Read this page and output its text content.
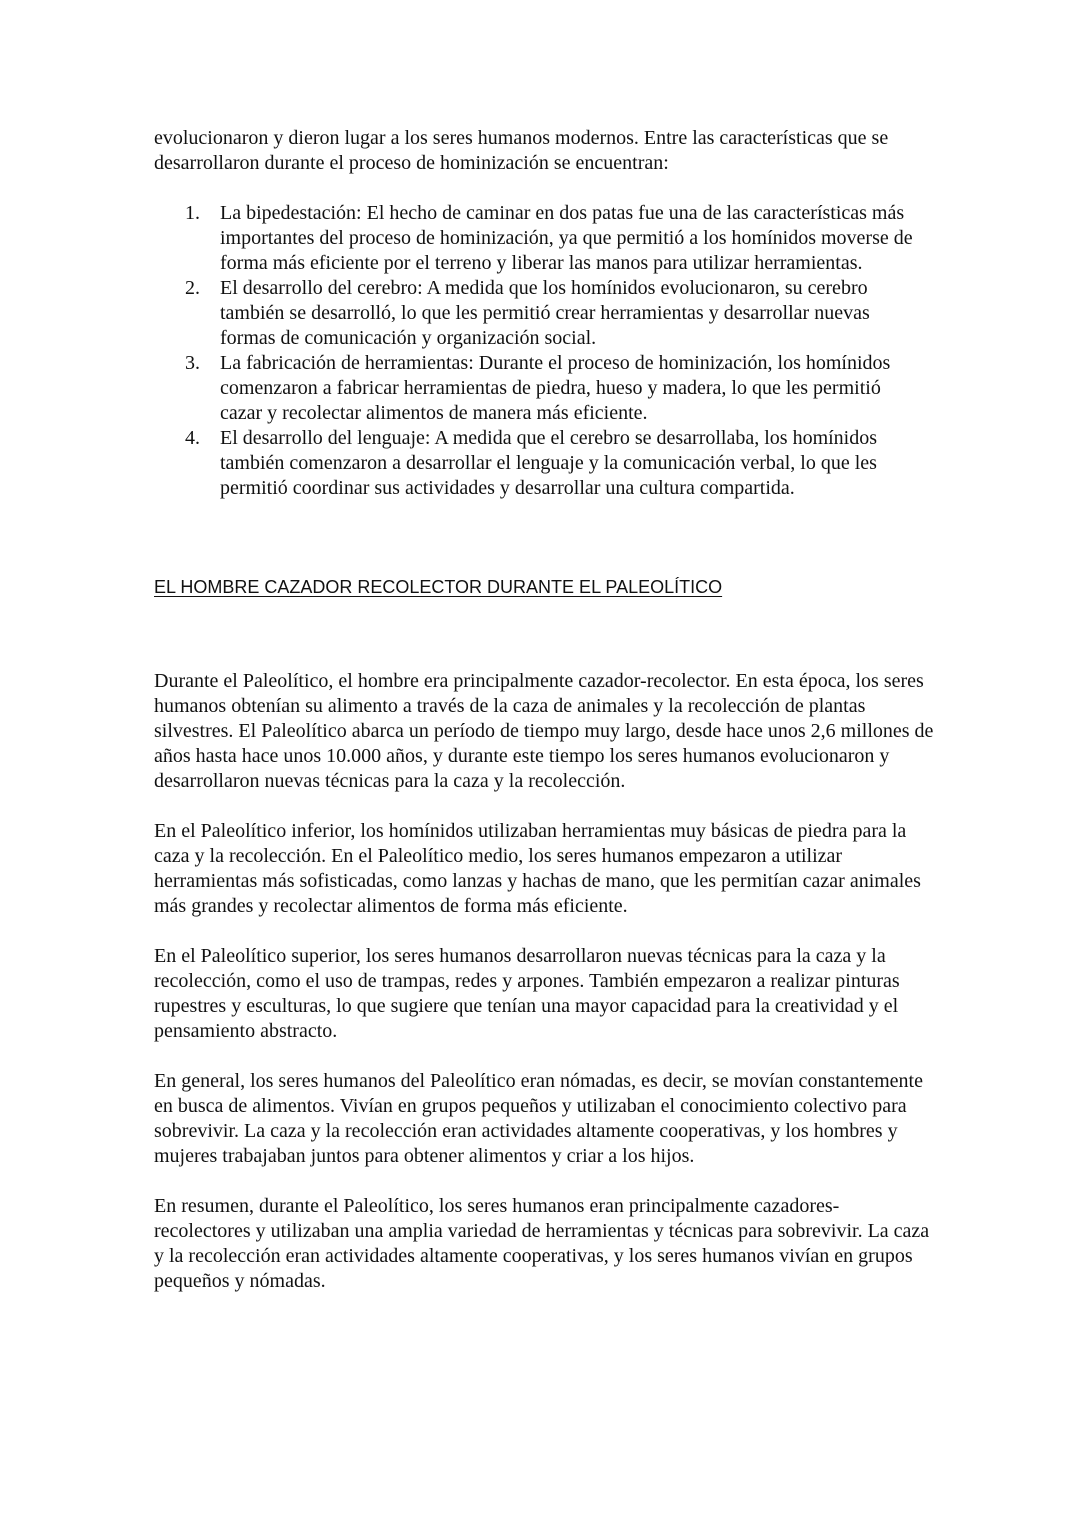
evolucionaron y dieron lugar a los seres humanos modernos. Entre las características que se desarrollaron durante el proceso de hominización se encuentran:

1.	La bipedestación: El hecho de caminar en dos patas fue una de las características más importantes del proceso de hominización, ya que permitió a los homínidos moverse de forma más eficiente por el terreno y liberar las manos para utilizar herramientas.
2.	El desarrollo del cerebro: A medida que los homínidos evolucionaron, su cerebro también se desarrolló, lo que les permitió crear herramientas y desarrollar nuevas formas de comunicación y organización social.
3.	La fabricación de herramientas: Durante el proceso de hominización, los homínidos comenzaron a fabricar herramientas de piedra, hueso y madera, lo que les permitió cazar y recolectar alimentos de manera más eficiente.
4.	El desarrollo del lenguaje: A medida que el cerebro se desarrollaba, los homínidos también comenzaron a desarrollar el lenguaje y la comunicación verbal, lo que les permitió coordinar sus actividades y desarrollar una cultura compartida.
EL HOMBRE CAZADOR RECOLECTOR DURANTE EL PALEOLÍTICO

Durante el Paleolítico, el hombre era principalmente cazador-recolector. En esta época, los seres humanos obtenían su alimento a través de la caza de animales y la recolección de plantas silvestres. El Paleolítico abarca un período de tiempo muy largo, desde hace unos 2,6 millones de años hasta hace unos 10.000 años, y durante este tiempo los seres humanos evolucionaron y desarrollaron nuevas técnicas para la caza y la recolección.

En el Paleolítico inferior, los homínidos utilizaban herramientas muy básicas de piedra para la caza y la recolección. En el Paleolítico medio, los seres humanos empezaron a utilizar herramientas más sofisticadas, como lanzas y hachas de mano, que les permitían cazar animales más grandes y recolectar alimentos de forma más eficiente.

En el Paleolítico superior, los seres humanos desarrollaron nuevas técnicas para la caza y la recolección, como el uso de trampas, redes y arpones. También empezaron a realizar pinturas rupestres y esculturas, lo que sugiere que tenían una mayor capacidad para la creatividad y el pensamiento abstracto.

En general, los seres humanos del Paleolítico eran nómadas, es decir, se movían constantemente en busca de alimentos. Vivían en grupos pequeños y utilizaban el conocimiento colectivo para sobrevivir. La caza y la recolección eran actividades altamente cooperativas, y los hombres y mujeres trabajaban juntos para obtener alimentos y criar a los hijos.

En resumen, durante el Paleolítico, los seres humanos eran principalmente cazadores-recolectores y utilizaban una amplia variedad de herramientas y técnicas para sobrevivir. La caza y la recolección eran actividades altamente cooperativas, y los seres humanos vivían en grupos pequeños y nómadas.
